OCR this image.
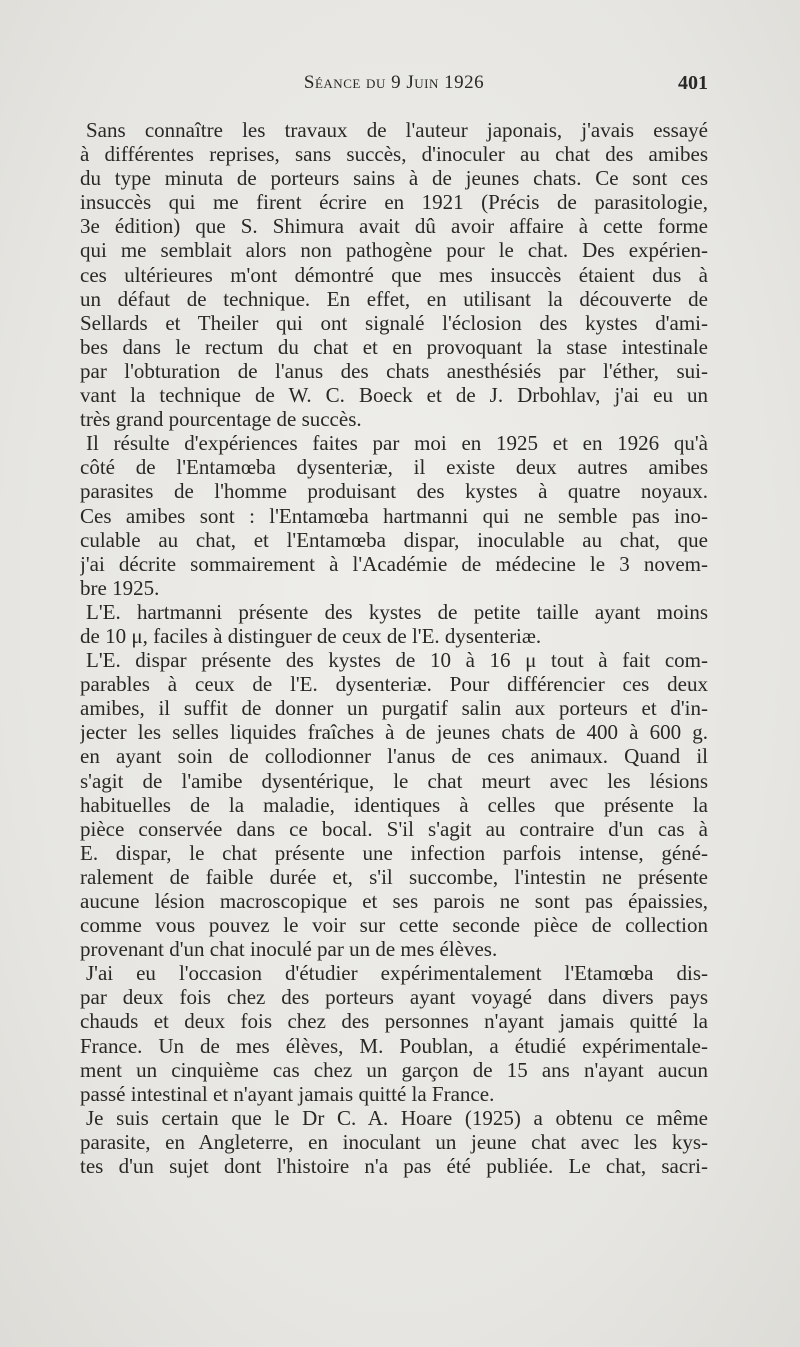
Séance du 9 Juin 1926	401
Sans connaître les travaux de l'auteur japonais, j'avais essayé
à différentes reprises, sans succès, d'inoculer au chat des amibes
du type minuta de porteurs sains à de jeunes chats. Ce sont ces
insuccès qui me firent écrire en 1921 (Précis de parasitologie,
3e édition) que S. Shimura avait dû avoir affaire à cette forme
qui me semblait alors non pathogène pour le chat. Des expérien-
ces ultérieures m'ont démontré que mes insuccès étaient dus à
un défaut de technique. En effet, en utilisant la découverte de
Sellards et Theiler qui ont signalé l'éclosion des kystes d'ami-
bes dans le rectum du chat et en provoquant la stase intestinale
par l'obturation de l'anus des chats anesthésiés par l'éther, sui-
vant la technique de W. C. Boeck et de J. Drbohlav, j'ai eu un
très grand pourcentage de succès.
Il résulte d'expériences faites par moi en 1925 et en 1926 qu'à
côté de l'Entamœba dysenteriæ, il existe deux autres amibes
parasites de l'homme produisant des kystes à quatre noyaux.
Ces amibes sont : l'Entamœba hartmanni qui ne semble pas ino-
culable au chat, et l'Entamœba dispar, inoculable au chat, que
j'ai décrite sommairement à l'Académie de médecine le 3 novem-
bre 1925.
L'E. hartmanni présente des kystes de petite taille ayant moins
de 10 μ, faciles à distinguer de ceux de l'E. dysenteriæ.
L'E. dispar présente des kystes de 10 à 16 μ tout à fait com-
parables à ceux de l'E. dysenteriæ. Pour différencier ces deux
amibes, il suffit de donner un purgatif salin aux porteurs et d'in-
jecter les selles liquides fraîches à de jeunes chats de 400 à 600 g.
en ayant soin de collodionner l'anus de ces animaux. Quand il
s'agit de l'amibe dysentérique, le chat meurt avec les lésions
habituelles de la maladie, identiques à celles que présente la
pièce conservée dans ce bocal. S'il s'agit au contraire d'un cas à
E. dispar, le chat présente une infection parfois intense, géné-
ralement de faible durée et, s'il succombe, l'intestin ne présente
aucune lésion macroscopique et ses parois ne sont pas épaissies,
comme vous pouvez le voir sur cette seconde pièce de collection
provenant d'un chat inoculé par un de mes élèves.
J'ai eu l'occasion d'étudier expérimentalement l'Etamœba dis-
par deux fois chez des porteurs ayant voyagé dans divers pays
chauds et deux fois chez des personnes n'ayant jamais quitté la
France. Un de mes élèves, M. Poublan, a étudié expérimentale-
ment un cinquième cas chez un garçon de 15 ans n'ayant aucun
passé intestinal et n'ayant jamais quitté la France.
Je suis certain que le Dr C. A. Hoare (1925) a obtenu ce même
parasite, en Angleterre, en inoculant un jeune chat avec les kys-
tes d'un sujet dont l'histoire n'a pas été publiée. Le chat, sacri-
